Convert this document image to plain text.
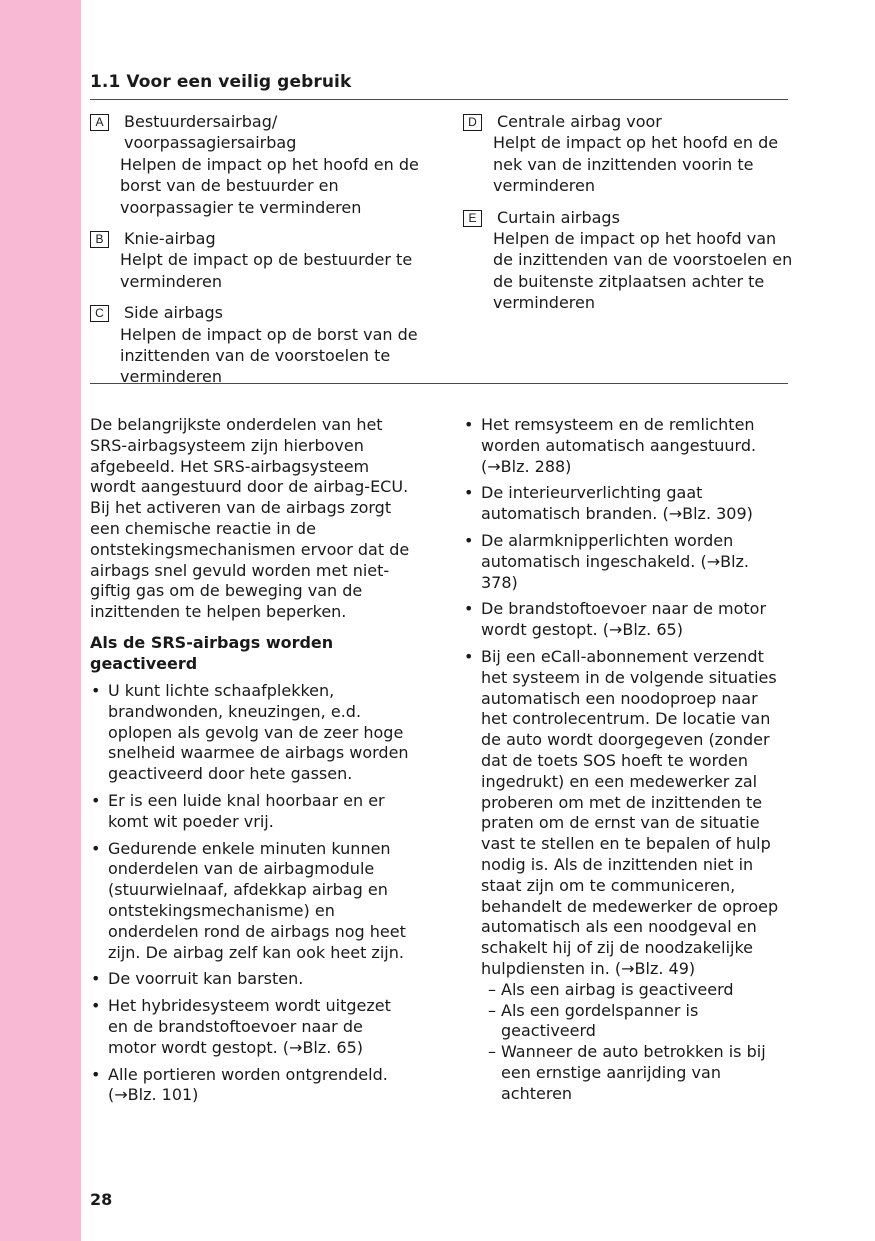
1.1 Voor een veilig gebruik
A	Bestuurdersairbag/ voorpassagiersairbag
Helpen de impact op het hoofd en de borst van de bestuurder en voorpassagier te verminderen
B	Knie-airbag
Helpt de impact op de bestuurder te verminderen
C	Side airbags
Helpen de impact op de borst van de inzittenden van de voorstoelen te verminderen
D	Centrale airbag voor
Helpt de impact op het hoofd en de nek van de inzittenden voorin te verminderen
E	Curtain airbags
Helpen de impact op het hoofd van de inzittenden van de voorstoelen en de buitenste zitplaatsen achter te verminderen

De belangrijkste onderdelen van het SRS-airbagsysteem zijn hierboven afgebeeld. Het SRS-airbagsysteem wordt aangestuurd door de airbag-ECU. Bij het activeren van de airbags zorgt een chemische reactie in de ontstekingsmechanismen ervoor dat de airbags snel gevuld worden met niet-giftig gas om de beweging van de inzittenden te helpen beperken.

Als de SRS-airbags worden geactiveerd
• U kunt lichte schaafplekken, brandwonden, kneuzingen, e.d. oplopen als gevolg van de zeer hoge snelheid waarmee de airbags worden geactiveerd door hete gassen.
• Er is een luide knal hoorbaar en er komt wit poeder vrij.
• Gedurende enkele minuten kunnen onderdelen van de airbagmodule (stuurwielnaaf, afdekkap airbag en ontstekingsmechanisme) en onderdelen rond de airbags nog heet zijn. De airbag zelf kan ook heet zijn.
• De voorruit kan barsten.
• Het hybridesysteem wordt uitgezet en de brandstoftoevoer naar de motor wordt gestopt. (→Blz. 65)
• Alle portieren worden ontgrendeld. (→Blz. 101)
• Het remsysteem en de remlichten worden automatisch aangestuurd. (→Blz. 288)
• De interieurverlichting gaat automatisch branden. (→Blz. 309)
• De alarmknipperlichten worden automatisch ingeschakeld. (→Blz. 378)
• De brandstoftoevoer naar de motor wordt gestopt. (→Blz. 65)
• Bij een eCall-abonnement verzendt het systeem in de volgende situaties automatisch een noodoproep naar het controlecentrum. De locatie van de auto wordt doorgegeven (zonder dat de toets SOS hoeft te worden ingedrukt) en een medewerker zal proberen om met de inzittenden te praten om de ernst van de situatie vast te stellen en te bepalen of hulp nodig is. Als de inzittenden niet in staat zijn om te communiceren, behandelt de medewerker de oproep automatisch als een noodgeval en schakelt hij of zij de noodzakelijke hulpdiensten in. (→Blz. 49)
– Als een airbag is geactiveerd
– Als een gordelspanner is geactiveerd
– Wanneer de auto betrokken is bij een ernstige aanrijding van achteren
28
